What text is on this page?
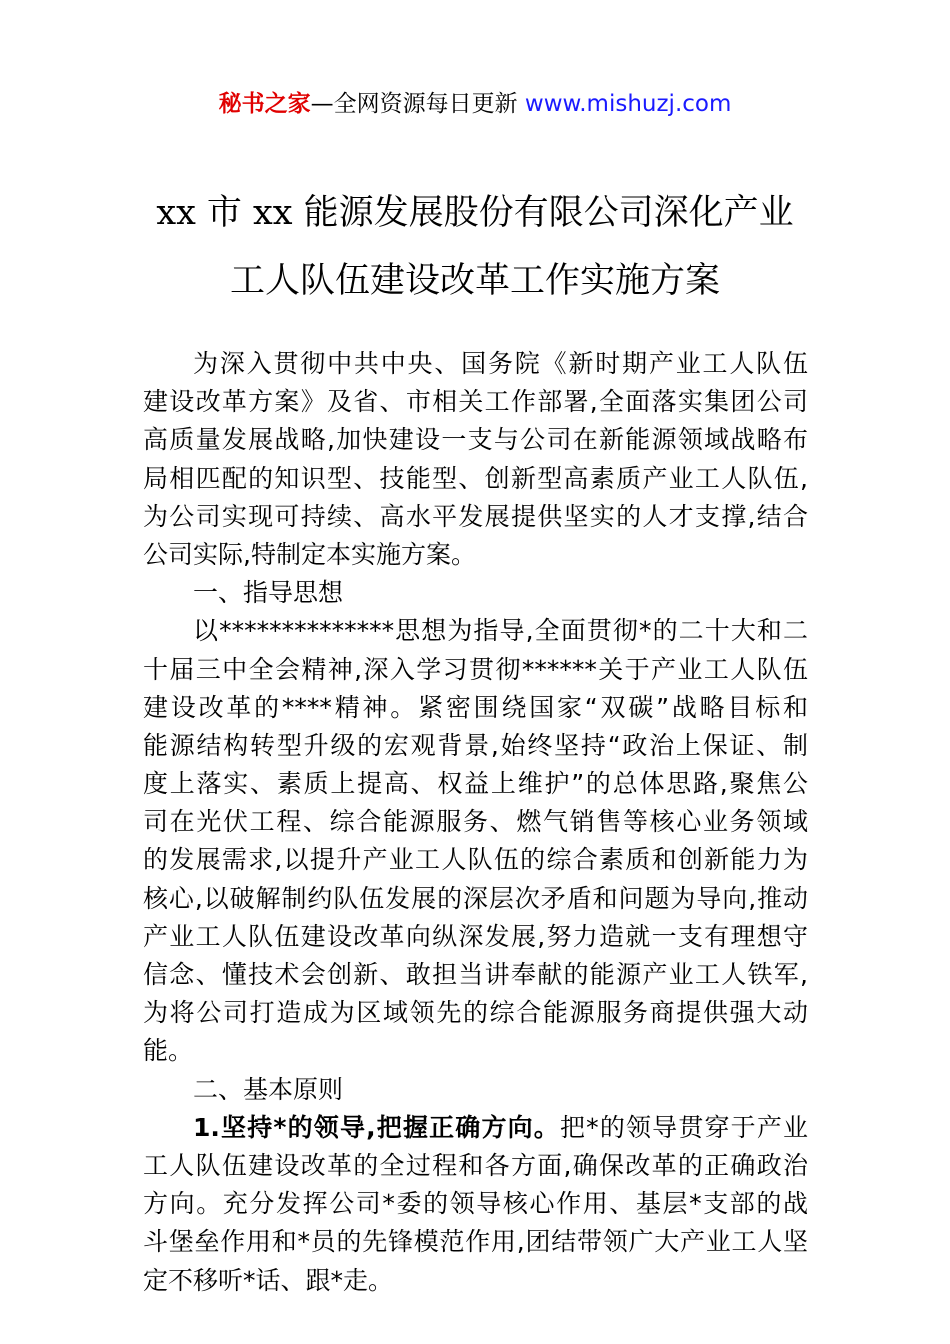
秘书之家—全网资源每日更新 www.mishuzj.com
xx 市 xx 能源发展股份有限公司深化产业
工人队伍建设改革工作实施方案
为深入贯彻中共中央、国务院《新时期产业工人队伍
建设改革方案》及省、市相关工作部署,全面落实集团公司
高质量发展战略,加快建设一支与公司在新能源领域战略布
局相匹配的知识型、技能型、创新型高素质产业工人队伍,
为公司实现可持续、高水平发展提供坚实的人才支撑,结合
公司实际,特制定本实施方案。
一、指导思想
以**************思想为指导,全面贯彻*的二十大和二
十届三中全会精神,深入学习贯彻******关于产业工人队伍
建设改革的****精神。紧密围绕国家“双碳”战略目标和
能源结构转型升级的宏观背景,始终坚持“政治上保证、制
度上落实、素质上提高、权益上维护”的总体思路,聚焦公
司在光伏工程、综合能源服务、燃气销售等核心业务领域
的发展需求,以提升产业工人队伍的综合素质和创新能力为
核心,以破解制约队伍发展的深层次矛盾和问题为导向,推动
产业工人队伍建设改革向纵深发展,努力造就一支有理想守
信念、懂技术会创新、敢担当讲奉献的能源产业工人铁军,
为将公司打造成为区域领先的综合能源服务商提供强大动
能。
二、基本原则
1.坚持*的领导,把握正确方向。把*的领导贯穿于产业
工人队伍建设改革的全过程和各方面,确保改革的正确政治
方向。充分发挥公司*委的领导核心作用、基层*支部的战
斗堡垒作用和*员的先锋模范作用,团结带领广大产业工人坚
定不移听*话、跟*走。
